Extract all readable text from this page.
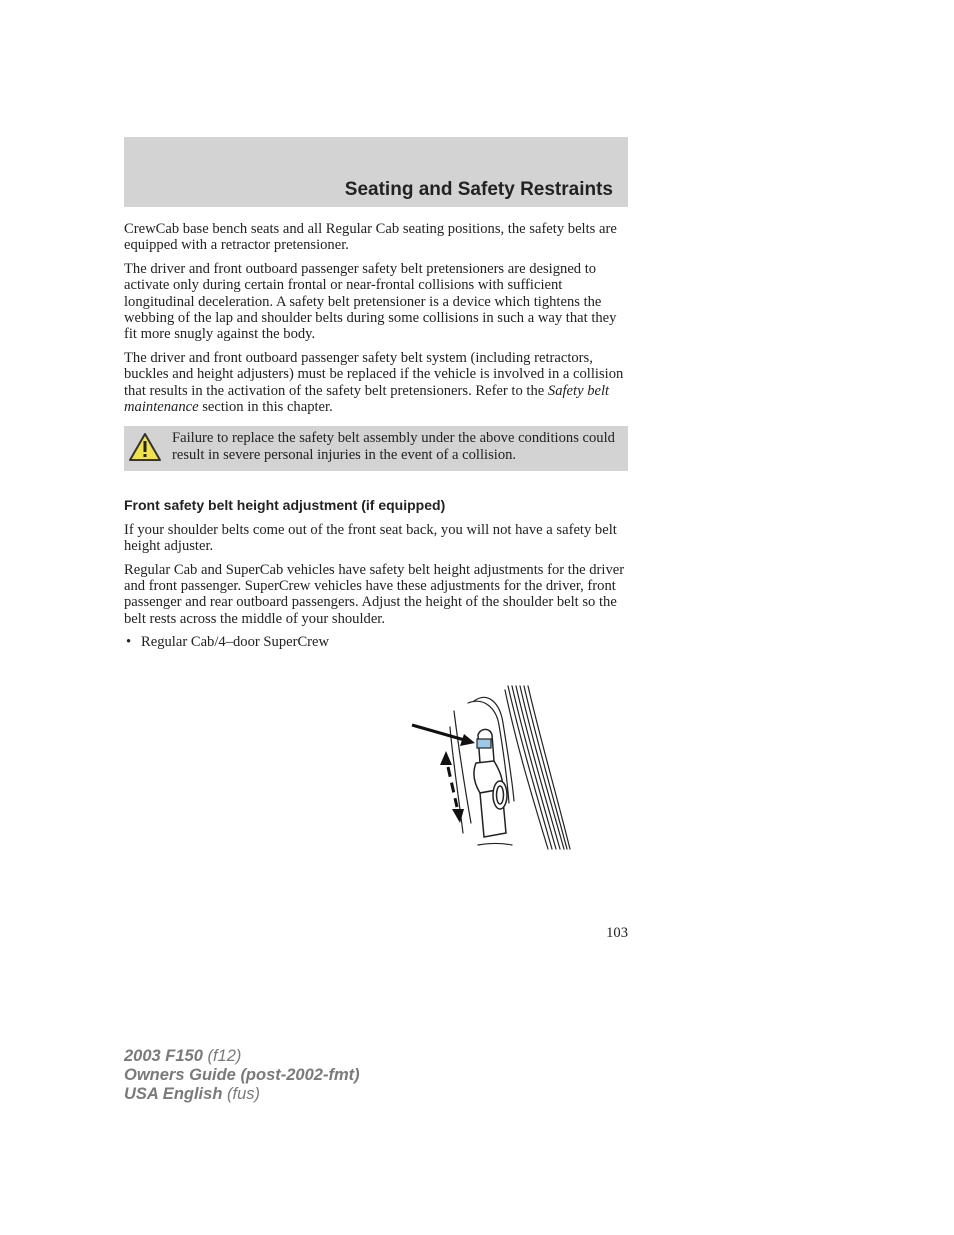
Seating and Safety Restraints

CrewCab base bench seats and all Regular Cab seating positions, the safety belts are equipped with a retractor pretensioner.

The driver and front outboard passenger safety belt pretensioners are designed to activate only during certain frontal or near-frontal collisions with sufficient longitudinal deceleration. A safety belt pretensioner is a device which tightens the webbing of the lap and shoulder belts during some collisions in such a way that they fit more snugly against the body.

The driver and front outboard passenger safety belt system (including retractors, buckles and height adjusters) must be replaced if the vehicle is involved in a collision that results in the activation of the safety belt pretensioners. Refer to the Safety belt maintenance section in this chapter.

Failure to replace the safety belt assembly under the above conditions could result in severe personal injuries in the event of a collision.
Front safety belt height adjustment (if equipped)

If your shoulder belts come out of the front seat back, you will not have a safety belt height adjuster.

Regular Cab and SuperCab vehicles have safety belt height adjustments for the driver and front passenger. SuperCrew vehicles have these adjustments for the driver, front passenger and rear outboard passengers. Adjust the height of the shoulder belt so the belt rests across the middle of your shoulder.

• Regular Cab/4–door SuperCrew
103
2003 F150 (f12)
Owners Guide (post-2002-fmt)
USA English (fus)
